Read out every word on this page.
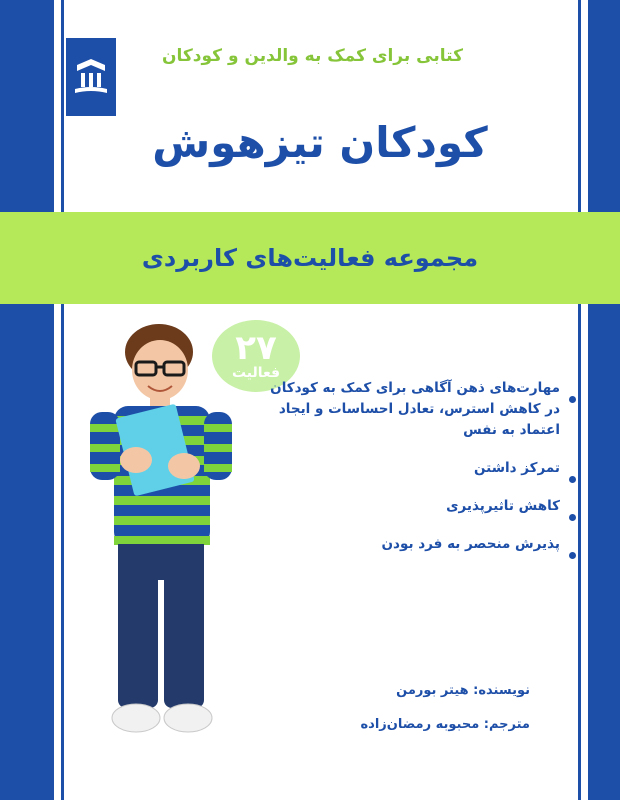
کتابی برای کمک به والدین و کودکان
کودکان تیزهوش
مجموعه فعالیت‌های کاربردی
۲۷
فعالیت
مهارت‌های ذهن آگاهی برای کمک به کودکان در کاهش استرس، تعادل احساسات و ایجاد اعتماد به نفس
تمرکز داشتن
کاهش تاثیرپذیری
پذیرش منحصر به فرد بودن
نویسنده: هیتر بورمن
مترجم: محبوبه رمضان‌زاده
